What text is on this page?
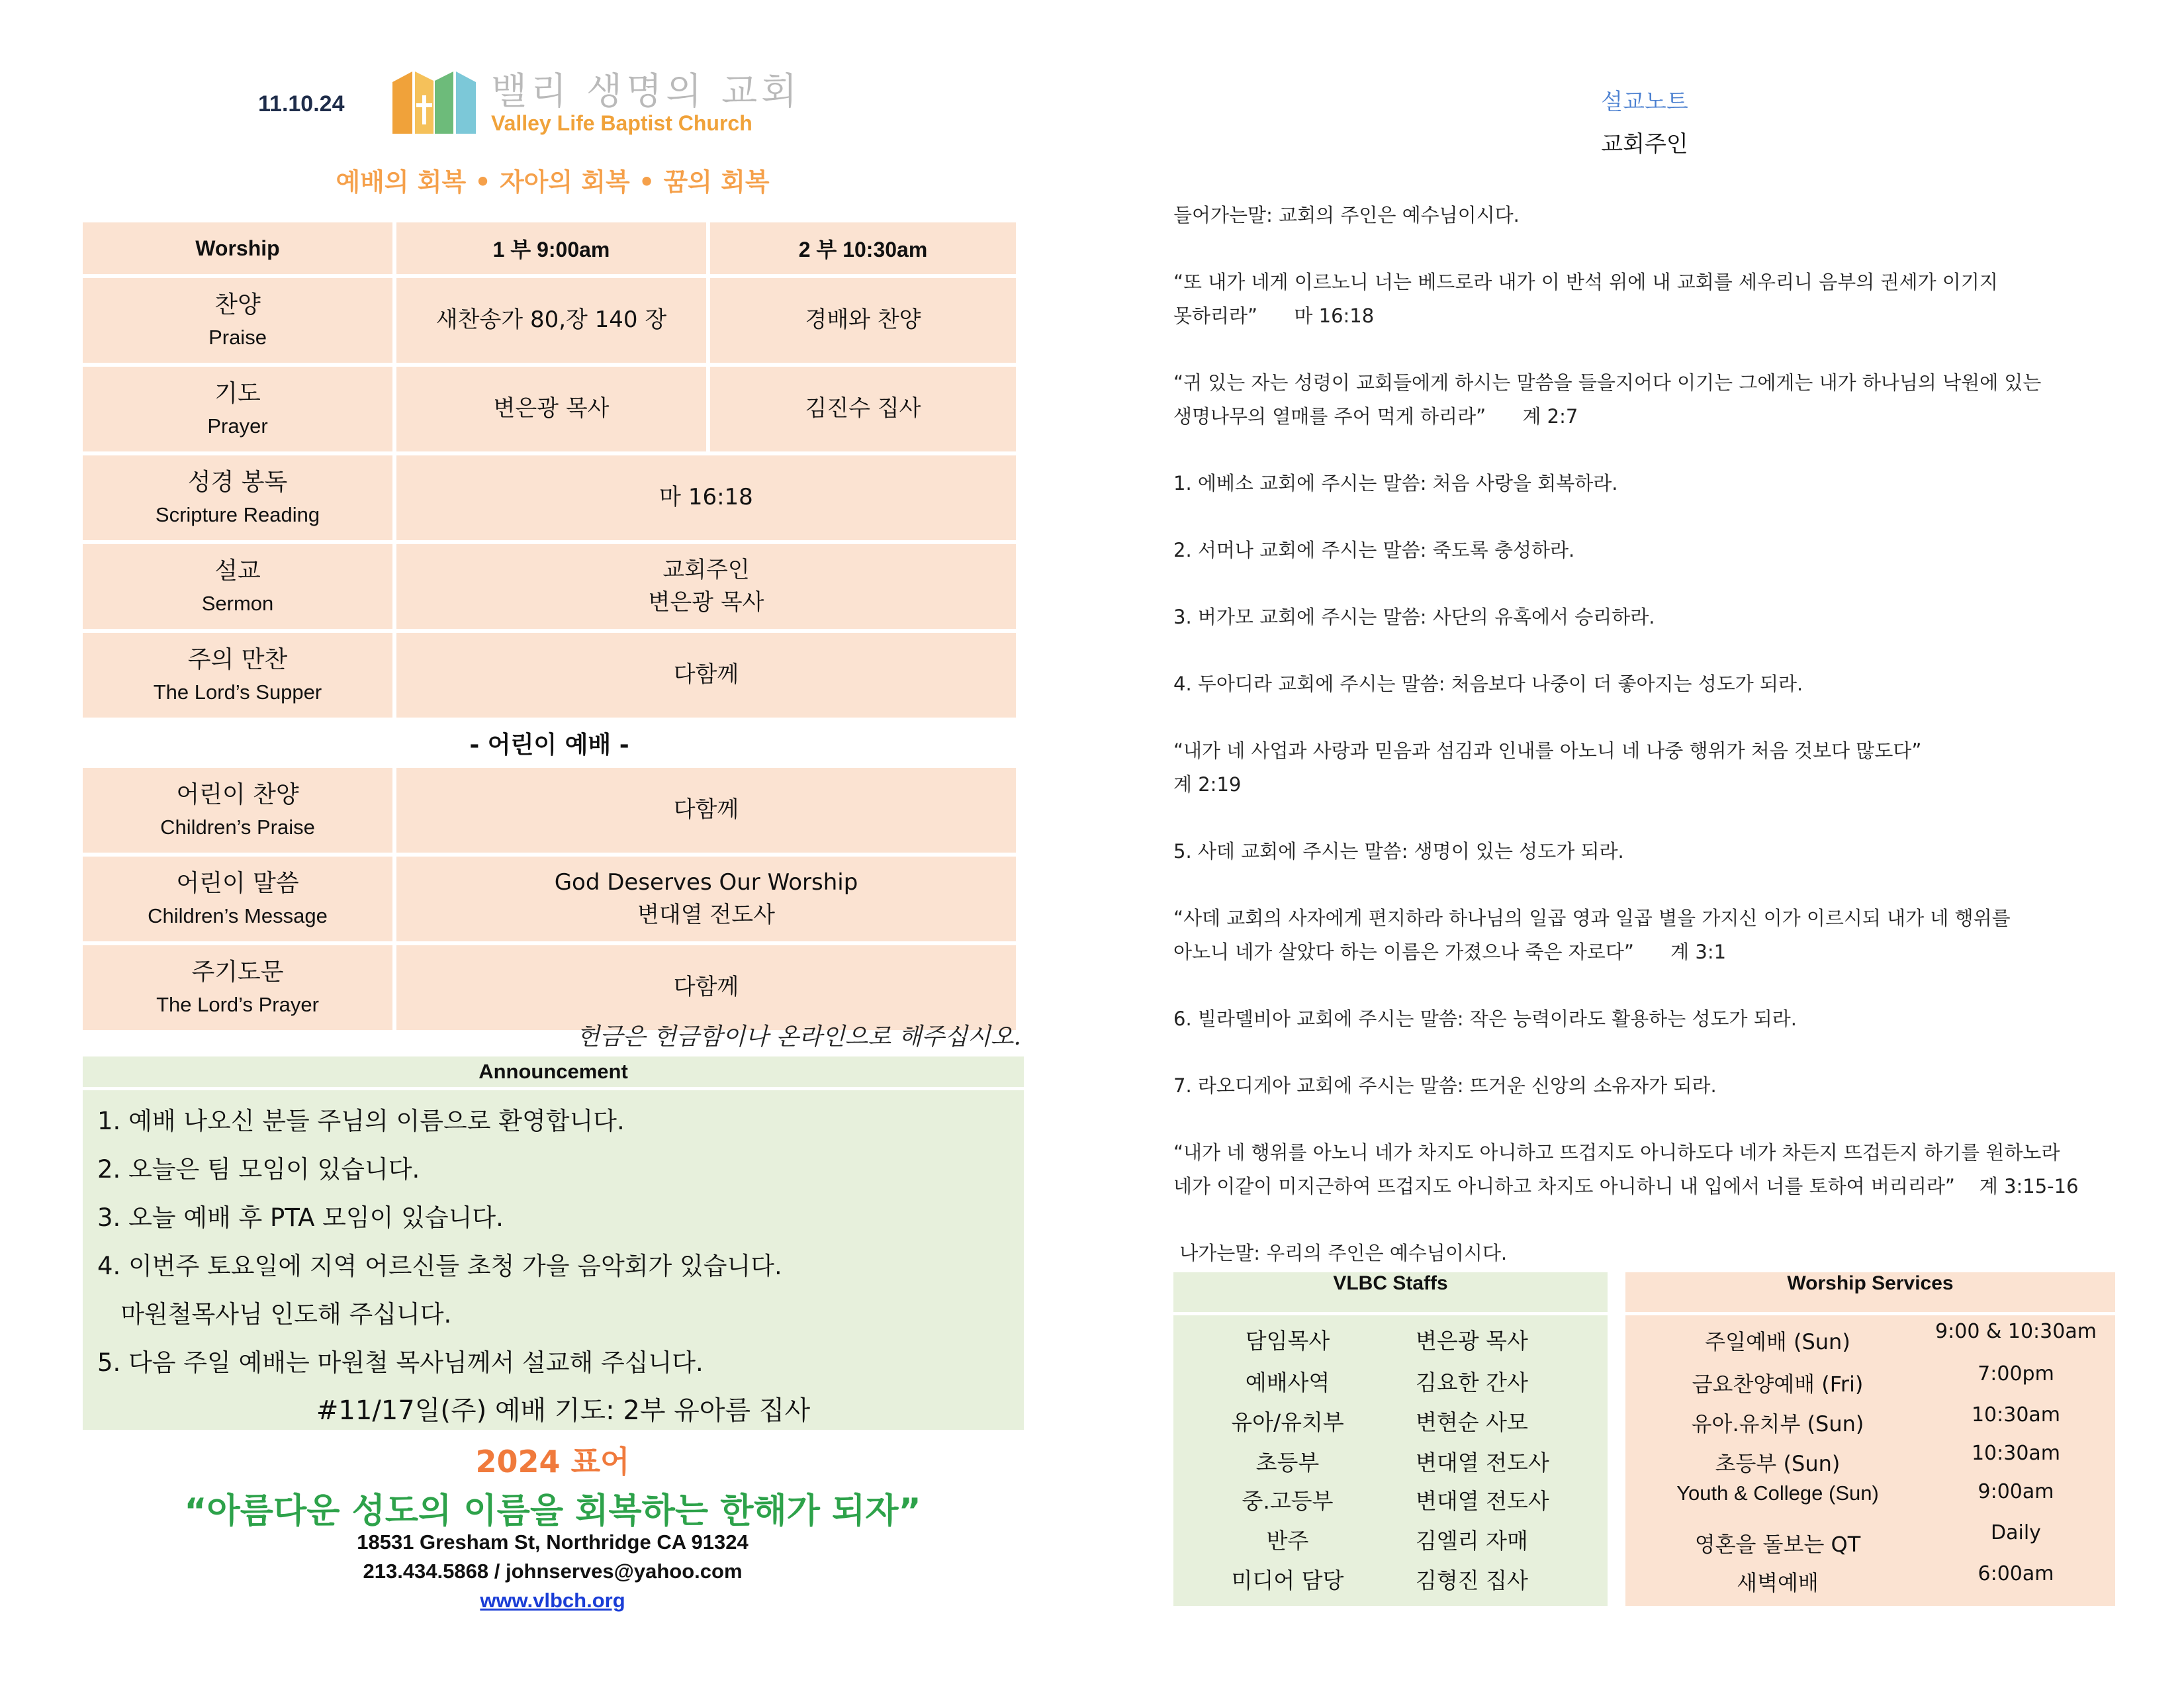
11.10.24	밸리 생명의 교회
Valley Life Baptist Church
예배의 회복 • 자아의 회복 • 꿈의 회복
Worship	1 부 9:00am	2 부 10:30am

찬양
Praise	새찬송가 80,장 140 장	경배와 찬양

기도
Prayer	변은광 목사	김진수 집사

성경 봉독
Scripture Reading	마 16:18	

설교
Sermon	교회주인
변은광 목사	

주의 만찬
The Lord’s Supper	다함께	
- 어린이 예배 -		

어린이 찬양
Children’s Praise	다함께	

어린이 말씀
Children’s Message	God Deserves Our Worship
변대열 전도사	

주기도문
The Lord’s Prayer	다함께	
헌금은 헌금함이나 온라인으로 해주십시오.
Announcement
1. 예배 나오신 분들 주님의 이름으로 환영합니다.
2. 오늘은 팀 모임이 있습니다.
3. 오늘 예배 후 PTA 모임이 있습니다.
4. 이번주 토요일에 지역 어르신들 초청 가을 음악회가 있습니다.
마원철목사님 인도해 주십니다.
5. 다음 주일 예배는 마원철 목사님께서 설교해 주십니다.
#11/17일(주) 예배 기도: 2부 유아름 집사
2024 표어
“아름다운 성도의 이름을 회복하는 한해가 되자”
18531 Gresham St, Northridge CA 91324
213.434.5868 / johnserves@yahoo.com
www.vlbch.org
설교노트
교회주인
들어가는말: 교회의 주인은 예수님이시다.
“또 내가 네게 이르노니 너는 베드로라 내가 이 반석 위에 내 교회를 세우리니 음부의 권세가 이기지
못하리라”      마 16:18
“귀 있는 자는 성령이 교회들에게 하시는 말씀을 들을지어다 이기는 그에게는 내가 하나님의 낙원에 있는
생명나무의 열매를 주어 먹게 하리라”      계 2:7
1. 에베소 교회에 주시는 말씀: 처음 사랑을 회복하라.
2. 서머나 교회에 주시는 말씀: 죽도록 충성하라.
3. 버가모 교회에 주시는 말씀: 사단의 유혹에서 승리하라.
4. 두아디라 교회에 주시는 말씀: 처음보다 나중이 더 좋아지는 성도가 되라.
“내가 네 사업과 사랑과 믿음과 섬김과 인내를 아노니 네 나중 행위가 처음 것보다 많도다”
계 2:19
5. 사데 교회에 주시는 말씀: 생명이 있는 성도가 되라.
“사데 교회의 사자에게 편지하라 하나님의 일곱 영과 일곱 별을 가지신 이가 이르시되 내가 네 행위를
아노니 네가 살았다 하는 이름은 가졌으나 죽은 자로다”      계 3:1
6. 빌라델비아 교회에 주시는 말씀: 작은 능력이라도 활용하는 성도가 되라.
7. 라오디게아 교회에 주시는 말씀: 뜨거운 신앙의 소유자가 되라.
“내가 네 행위를 아노니 네가 차지도 아니하고 뜨겁지도 아니하도다 네가 차든지 뜨겁든지 하기를 원하노라
네가 이같이 미지근하여 뜨겁지도 아니하고 차지도 아니하니 내 입에서 너를 토하여 버리리라”    계 3:15-16
나가는말: 우리의 주인은 예수님이시다.
VLBC Staffs
담임목사	변은광 목사
예배사역	김요한 간사
유아/유치부	변현순 사모
초등부	변대열 전도사
중.고등부	변대열 전도사
반주	김엘리 자매
미디어 담당	김형진 집사
Worship Services
주일예배 (Sun)	9:00 & 10:30am
금요찬양예배 (Fri)	7:00pm
유아.유치부 (Sun)	10:30am
초등부 (Sun)	10:30am
Youth & College (Sun)	9:00am
영혼을 돌보는 QT	Daily
새벽예배	6:00am
